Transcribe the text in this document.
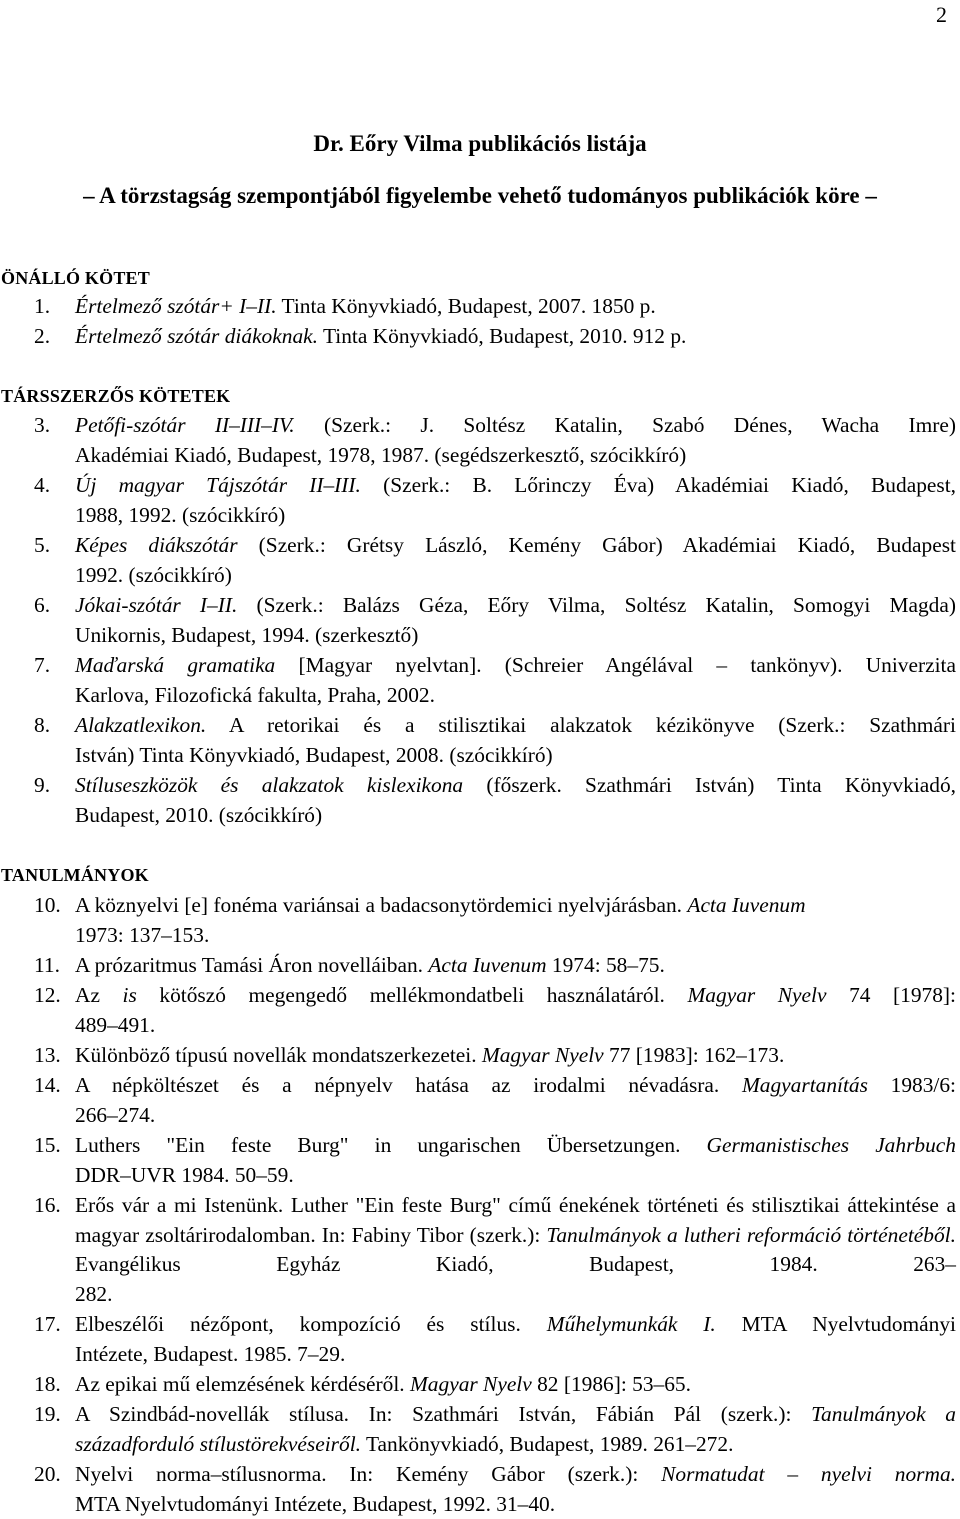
2
Dr. Eőry Vilma publikációs listája
– A törzstagság szempontjából figyelembe vehető tudományos publikációk köre –
ÖNÁLLÓ KÖTET
1. Értelmező szótár+ I–II. Tinta Könyvkiadó, Budapest, 2007. 1850 p.
2. Értelmező szótár diákoknak. Tinta Könyvkiadó, Budapest, 2010. 912 p.
TÁRSSZERZŐS KÖTETEK
3. Petőfi-szótár II–III–IV. (Szerk.: J. Soltész Katalin, Szabó Dénes, Wacha Imre)
Akadémiai Kiadó, Budapest, 1978, 1987. (segédszerkesztő, szócikkíró)
4. Új magyar Tájszótár II–III. (Szerk.: B. Lőrinczy Éva) Akadémiai Kiadó, Budapest,
1988, 1992. (szócikkíró)
5. Képes diákszótár (Szerk.: Grétsy László, Kemény Gábor) Akadémiai Kiadó, Budapest
1992. (szócikkíró)
6. Jókai-szótár I–II. (Szerk.: Balázs Géza, Eőry Vilma, Soltész Katalin, Somogyi Magda)
Unikornis, Budapest, 1994. (szerkesztő)
7. Maďarská gramatika [Magyar nyelvtan]. (Schreier Angélával – tankönyv). Univerzita
Karlova, Filozofická fakulta, Praha, 2002.
8. Alakzatlexikon. A retorikai és a stilisztikai alakzatok kézikönyve (Szerk.: Szathmári
István) Tinta Könyvkiadó, Budapest, 2008. (szócikkíró)
9. Stíluseszközök és alakzatok kislexikona (főszerk. Szathmári István) Tinta Könyvkiadó,
Budapest, 2010. (szócikkíró)
TANULMÁNYOK
10. A köznyelvi [e] fonéma variánsai a badacsonytördemici nyelvjárásban. Acta Iuvenum
1973: 137–153.
11. A prózaritmus Tamási Áron novelláiban. Acta Iuvenum 1974: 58–75.
12. Az is kötőszó megengedő mellékmondatbeli használatáról. Magyar Nyelv 74 [1978]:
489–491.
13. Különböző típusú novellák mondatszerkezetei. Magyar Nyelv 77 [1983]: 162–173.
14. A népköltészet és a népnyelv hatása az irodalmi névadásra. Magyartanítás 1983/6:
266–274.
15. Luthers "Ein feste Burg" in ungarischen Übersetzungen. Germanistisches Jahrbuch
DDR–UVR 1984. 50–59.
16. Erős vár a mi Istenünk. Luther "Ein feste Burg" című énekének történeti és stilisztikai áttekintése a magyar zsoltárirodalomban. In: Fabiny Tibor (szerk.): Tanulmányok a lutheri reformáció történetéből. Evangélikus Egyház Kiadó, Budapest, 1984. 263–
282.
17. Elbeszélői nézőpont, kompozíció és stílus. Műhelymunkák I. MTA Nyelvtudományi
Intézete, Budapest. 1985. 7–29.
18. Az epikai mű elemzésének kérdéséről. Magyar Nyelv 82 [1986]: 53–65.
19. A Szindbád-novellák stílusa. In: Szathmári István, Fábián Pál (szerk.): Tanulmányok a
századforduló stílustörekvéseiről. Tankönyvkiadó, Budapest, 1989. 261–272.
20. Nyelvi norma–stílusnorma. In: Kemény Gábor (szerk.): Normatudat – nyelvi norma.
MTA Nyelvtudományi Intézete, Budapest, 1992. 31–40.
